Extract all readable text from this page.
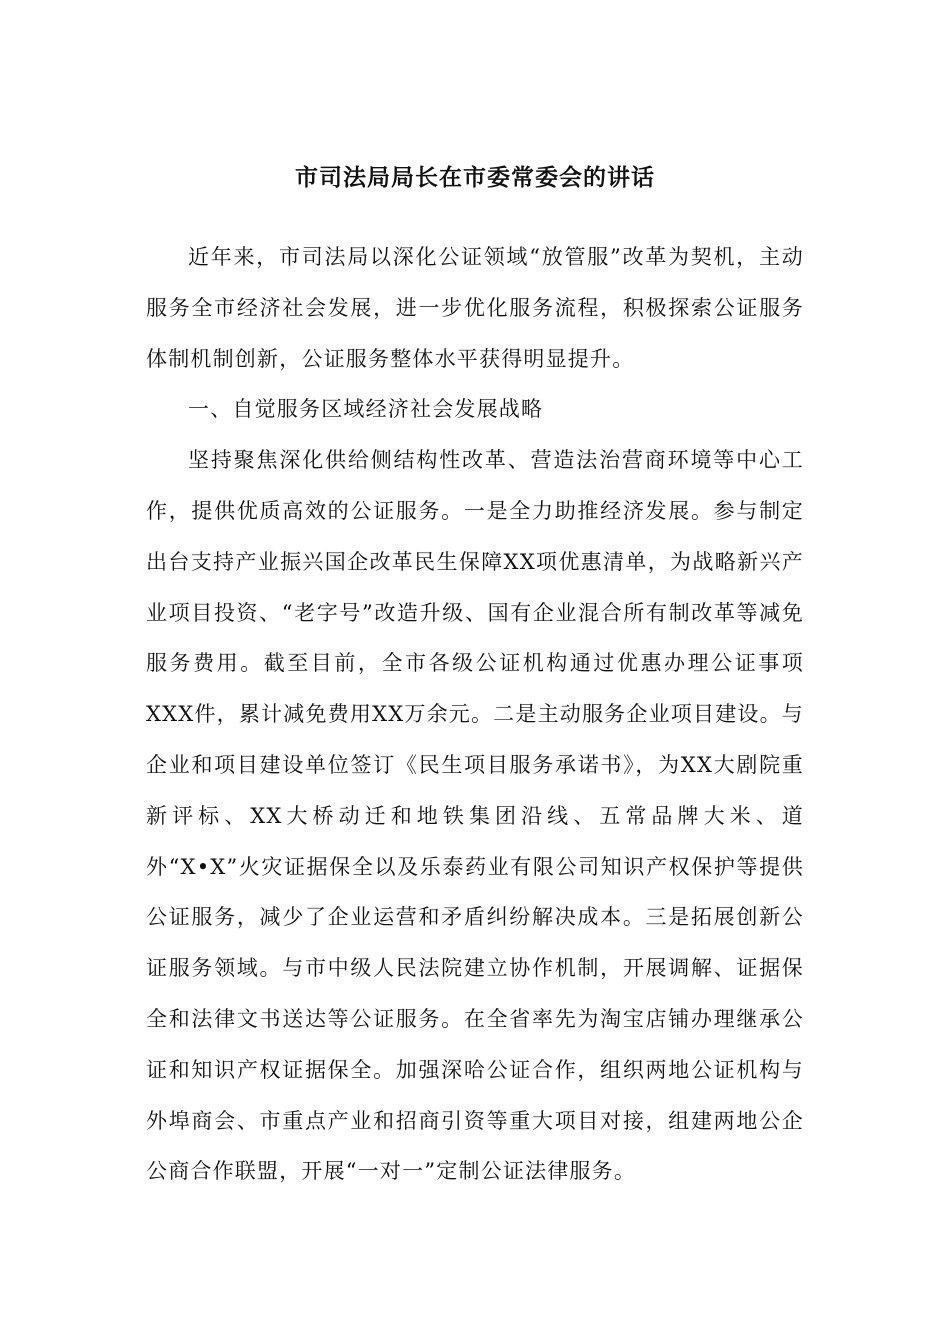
市司法局局长在市委常委会的讲话

近年来，市司法局以深化公证领域“放管服”改革为契机，主动服务全市经济社会发展，进一步优化服务流程，积极探索公证服务体制机制创新，公证服务整体水平获得明显提升。

一、自觉服务区域经济社会发展战略

坚持聚焦深化供给侧结构性改革、营造法治营商环境等中心工作，提供优质高效的公证服务。一是全力助推经济发展。参与制定出台支持产业振兴国企改革民生保障XX项优惠清单，为战略新兴产业项目投资、“老字号”改造升级、国有企业混合所有制改革等减免服务费用。截至目前，全市各级公证机构通过优惠办理公证事项XXX件，累计减免费用XX万余元。二是主动服务企业项目建设。与企业和项目建设单位签订《民生项目服务承诺书》，为XX大剧院重新评标、XX大桥动迁和地铁集团沿线、五常品牌大米、道外“X•X”火灾证据保全以及乐泰药业有限公司知识产权保护等提供公证服务，减少了企业运营和矛盾纠纷解决成本。三是拓展创新公证服务领域。与市中级人民法院建立协作机制，开展调解、证据保全和法律文书送达等公证服务。在全省率先为淘宝店铺办理继承公证和知识产权证据保全。加强深哈公证合作，组织两地公证机构与外埠商会、市重点产业和招商引资等重大项目对接，组建两地公企公商合作联盟，开展“一对一”定制公证法律服务。
